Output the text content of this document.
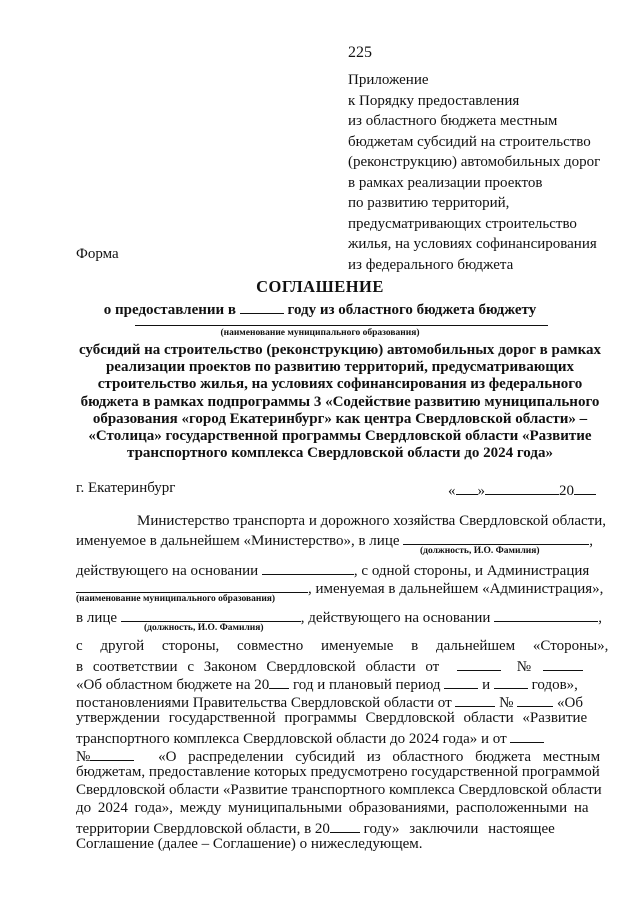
225
Приложение
к Порядку предоставления
из областного бюджета местным
бюджетам субсидий на строительство
(реконструкцию) автомобильных дорог
в рамках реализации проектов
по развитию территорий,
предусматривающих строительство
жилья, на условиях софинансирования
из федерального бюджета
Форма
СОГЛАШЕНИЕ
о предоставлении в	году из областного бюджета бюджету
(наименование муниципального образования)
субсидий на строительство (реконструкцию) автомобильных дорог в рамках
реализации проектов по развитию территорий, предусматривающих
строительство жилья, на условиях софинансирования из федерального
бюджета в рамках подпрограммы 3 «Содействие развитию муниципального
образования «город Екатеринбург» как центра Свердловской области» –
«Столица» государственной программы Свердловской области «Развитие
транспортного комплекса Свердловской области до 2024 года»
г. Екатеринбург	« »	20
Министерство транспорта и дорожного хозяйства Свердловской области,
именуемое в дальнейшем «Министерство», в лице	,
(должность, И.О. Фамилия)
действующего на основании	, с одной стороны, и Администрация
, именуемая в дальнейшем «Администрация»,
(наименование муниципального образования)
в лице	, действующего на основании	,
(должность, И.О. Фамилия)
с другой стороны, совместно именуемые в дальнейшем «Стороны»,
в соответствии с Законом Свердловской области от	№
«Об областном бюджете на 20 год и плановый период	и	годов»,
постановлениями Правительства Свердловской области от	№	«Об
утверждении государственной программы Свердловской области «Развитие
транспортного комплекса Свердловской области до 2024 года» и от
№	«О распределении субсидий из областного бюджета местным
бюджетам, предоставление которых предусмотрено государственной программой
Свердловской области «Развитие транспортного комплекса Свердловской области
до 2024 года», между муниципальными образованиями, расположенными на
территории Свердловской области, в 20 году» заключили настоящее
Соглашение (далее – Соглашение) о нижеследующем.
